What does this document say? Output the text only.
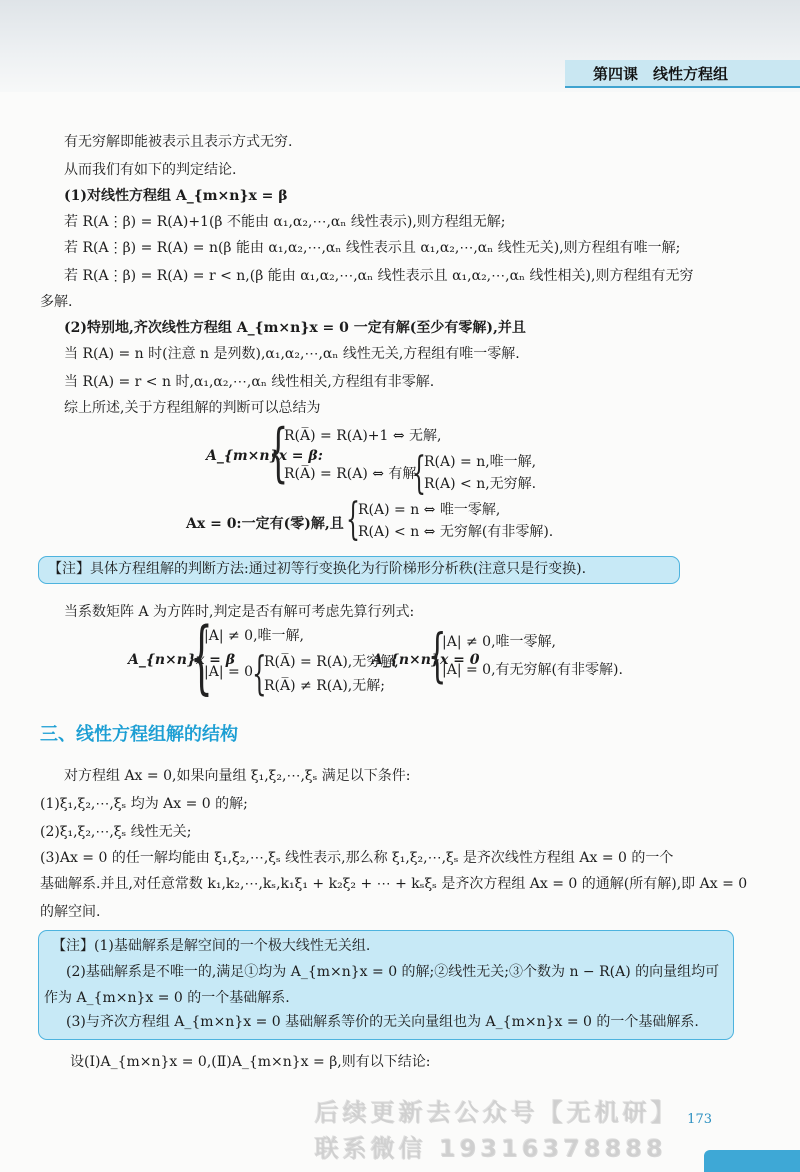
第四课　线性方程组
有无穷解即能被表示且表示方式无穷.
从而我们有如下的判定结论.
(1)对线性方程组 A_{m×n}x = β
若 R(A⋮β) = R(A)+1(β 不能由 α₁,α₂,⋯,αₙ 线性表示),则方程组无解;
若 R(A⋮β) = R(A) = n(β 能由 α₁,α₂,⋯,αₙ 线性表示且 α₁,α₂,⋯,αₙ 线性无关),则方程组有唯一解;
若 R(A⋮β) = R(A) = r < n,(β 能由 α₁,α₂,⋯,αₙ 线性表示且 α₁,α₂,⋯,αₙ 线性相关),则方程组有无穷
多解.
(2)特别地,齐次线性方程组 A_{m×n}x = 0 一定有解(至少有零解),并且
当 R(A) = n 时(注意 n 是列数),α₁,α₂,⋯,αₙ 线性无关,方程组有唯一零解.
当 R(A) = r < n 时,α₁,α₂,⋯,αₙ 线性相关,方程组有非零解.
综上所述,关于方程组解的判断可以总结为
A_{m×n}x = β:
{
R(A̅) = R(A)+1 ⇔ 无解,
R(A̅) = R(A) ⇔ 有解
{
R(A) = n,唯一解,
R(A) < n,无穷解.
Ax = 0:一定有(零)解,且 {
R(A) = n ⇔ 唯一零解,
R(A) < n ⇔ 无穷解(有非零解).
【注】具体方程组解的判断方法:通过初等行变换化为行阶梯形分析秩(注意只是行变换).
当系数矩阵 A 为方阵时,判定是否有解可考虑先算行列式:
A_{n×n}x = β
{
|A| ≠ 0,唯一解,
|A| = 0
{
R(A̅) = R(A),无穷解,
R(A̅) ≠ R(A),无解;
A_{n×n}x = 0
{
|A| ≠ 0,唯一零解,
|A| = 0,有无穷解(有非零解).
三、线性方程组解的结构
对方程组 Ax = 0,如果向量组 ξ₁,ξ₂,⋯,ξₛ 满足以下条件:
(1)ξ₁,ξ₂,⋯,ξₛ 均为 Ax = 0 的解;
(2)ξ₁,ξ₂,⋯,ξₛ 线性无关;
(3)Ax = 0 的任一解均能由 ξ₁,ξ₂,⋯,ξₛ 线性表示,那么称 ξ₁,ξ₂,⋯,ξₛ 是齐次线性方程组 Ax = 0 的一个
基础解系.并且,对任意常数 k₁,k₂,⋯,kₛ,k₁ξ₁ + k₂ξ₂ + ⋯ + kₛξₛ 是齐次方程组 Ax = 0 的通解(所有解),即 Ax = 0
的解空间.
【注】(1)基础解系是解空间的一个极大线性无关组.
(2)基础解系是不唯一的,满足①均为 A_{m×n}x = 0 的解;②线性无关;③个数为 n − R(A) 的向量组均可
作为 A_{m×n}x = 0 的一个基础解系.
(3)与齐次方程组 A_{m×n}x = 0 基础解系等价的无关向量组也为 A_{m×n}x = 0 的一个基础解系.
设(Ⅰ)A_{m×n}x = 0,(Ⅱ)A_{m×n}x = β,则有以下结论:
后续更新去公众号【无机研】
联系微信 19316378888
173
